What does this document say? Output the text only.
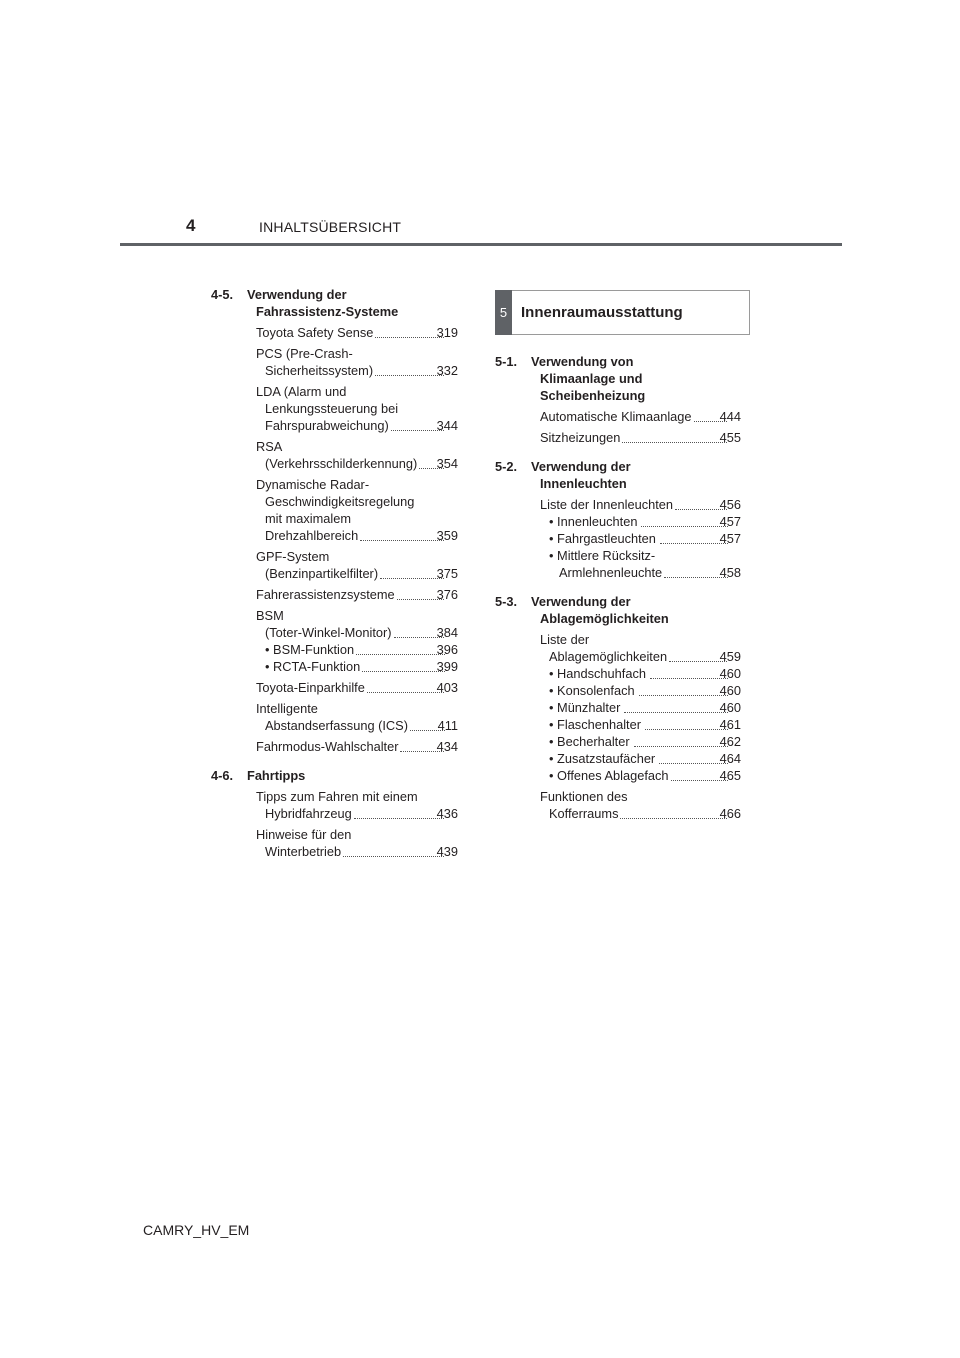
4	INHALTSÜBERSICHT
4-5.	Verwendung der
Fahrassistenz-Systeme
Toyota Safety Sense	319
PCS (Pre-Crash-
Sicherheitssystem)	332
LDA (Alarm und
Lenkungssteuerung bei
Fahrspurabweichung)	344
RSA
(Verkehrsschilderkennung) 354
Dynamische Radar-
Geschwindigkeitsregelung
mit maximalem
Drehzahlbereich	359
GPF-System
(Benzinpartikelfilter)	375
Fahrerassistenzsysteme	376
BSM
(Toter-Winkel-Monitor)	384
• BSM-Funktion	396
• RCTA-Funktion	399
Toyota-Einparkhilfe	403
Intelligente
Abstandserfassung (ICS) 411
Fahrmodus-Wahlschalter	434
4-6.	Fahrtipps
Tipps zum Fahren mit einem
Hybridfahrzeug	436
Hinweise für den
Winterbetrieb	439
5 Innenraumausstattung
5-1.	Verwendung von
Klimaanlage und
Scheibenheizung
Automatische Klimaanlage 444
Sitzheizungen	455
5-2.	Verwendung der
Innenleuchten
Liste der Innenleuchten	456
• Innenleuchten	457
• Fahrgastleuchten	457
• Mittlere Rücksitz-
Armlehnenleuchte	458
5-3.	Verwendung der
Ablagemöglichkeiten
Liste der
Ablagemöglichkeiten	459
• Handschuhfach	460
• Konsolenfach	460
• Münzhalter	460
• Flaschenhalter	461
• Becherhalter	462
• Zusatzstaufächer	464
• Offenes Ablagefach	465
Funktionen des
Kofferraums	466
CAMRY_HV_EM
